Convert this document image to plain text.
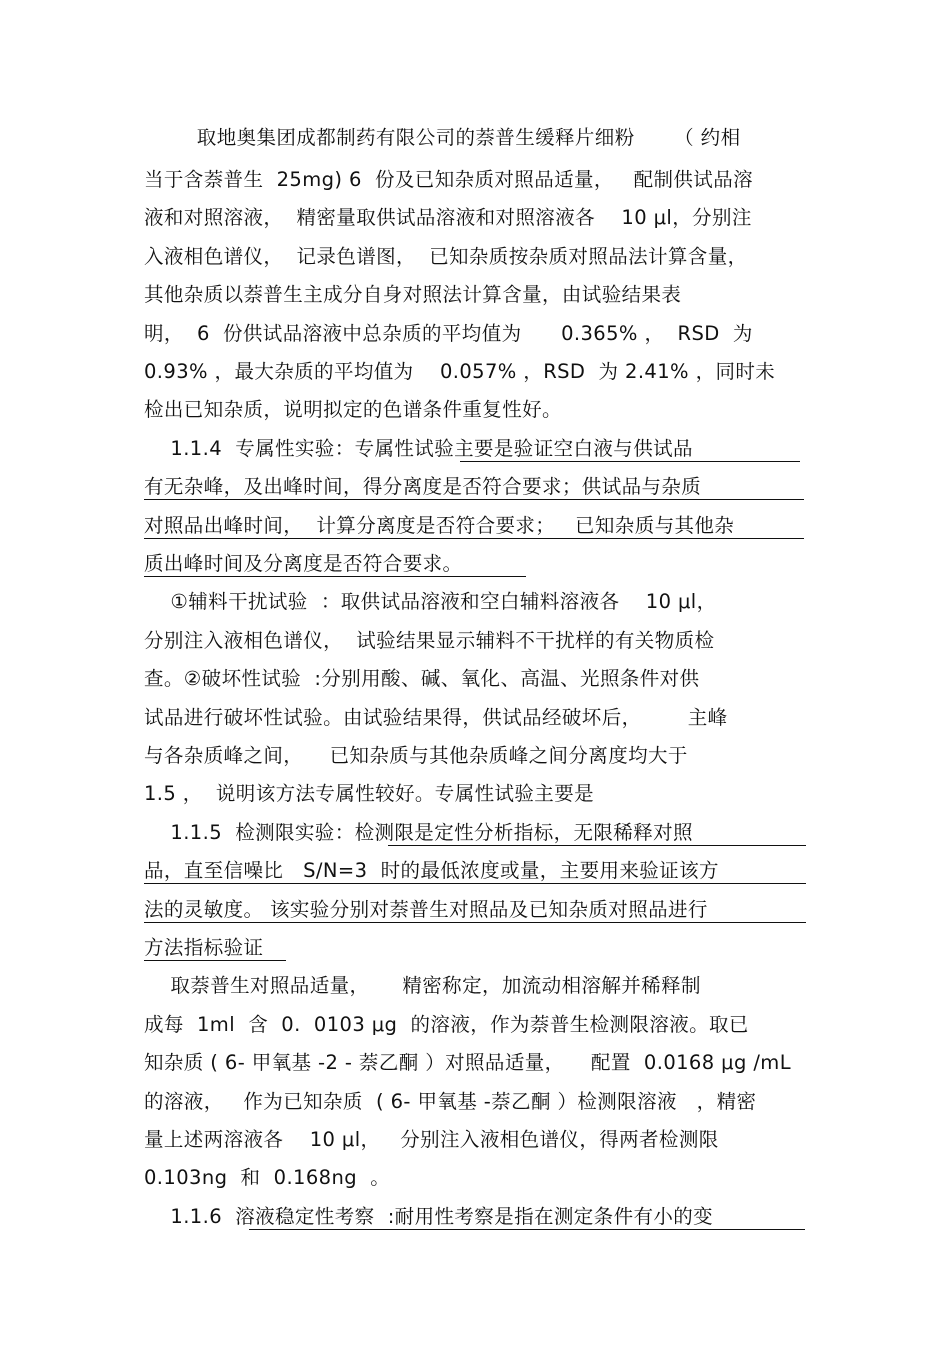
取地奥集团成都制药有限公司的萘普生缓释片细粉      （ 约相
当于含萘普生  25mg) 6  份及已知杂质对照品适量，   配制供试品溶
液和对照溶液，  精密量取供试品溶液和对照溶液各    10 μl，分别注
入液相色谱仪，  记录色谱图，  已知杂质按杂质对照品法计算含量，
其他杂质以萘普生主成分自身对照法计算含量，由试验结果表
明，  6  份供试品溶液中总杂质的平均值为      0.365% ，  RSD  为
0.93% ，最大杂质的平均值为    0.057% ，RSD  为 2.41% ，同时未
检出已知杂质，说明拟定的色谱条件重复性好。
1.1.4  专属性实验：专属性试验主要是验证空白液与供试品
有无杂峰，及出峰时间，得分离度是否符合要求；供试品与杂质
对照品出峰时间，  计算分离度是否符合要求；   已知杂质与其他杂
质出峰时间及分离度是否符合要求。
①辅料干扰试验  ：取供试品溶液和空白辅料溶液各    10 μl，
分别注入液相色谱仪，  试验结果显示辅料不干扰样的有关物质检
查。②破坏性试验  :分别用酸、碱、氧化、高温、光照条件对供
试品进行破坏性试验。由试验结果得，供试品经破坏后，       主峰
与各杂质峰之间，    已知杂质与其他杂质峰之间分离度均大于
1.5 ，  说明该方法专属性较好。专属性试验主要是
1.1.5  检测限实验：检测限是定性分析指标，无限稀释对照
品，直至信噪比   S/N=3  时的最低浓度或量，主要用来验证该方
法的灵敏度。 该实验分别对萘普生对照品及已知杂质对照品进行
方法指标验证
取萘普生对照品适量，     精密称定，加流动相溶解并稀释制
成每  1ml  含  0.  0103 μg  的溶液，作为萘普生检测限溶液。取已
知杂质 ( 6- 甲氧基 -2 - 萘乙酮 ）对照品适量，    配置  0.0168 μg /mL
的溶液，   作为已知杂质  ( 6- 甲氧基 -萘乙酮 ）检测限溶液   ，精密
量上述两溶液各    10 μl，   分别注入液相色谱仪，得两者检测限
0.103ng  和  0.168ng  。
1.1.6  溶液稳定性考察  :耐用性考察是指在测定条件有小的变
